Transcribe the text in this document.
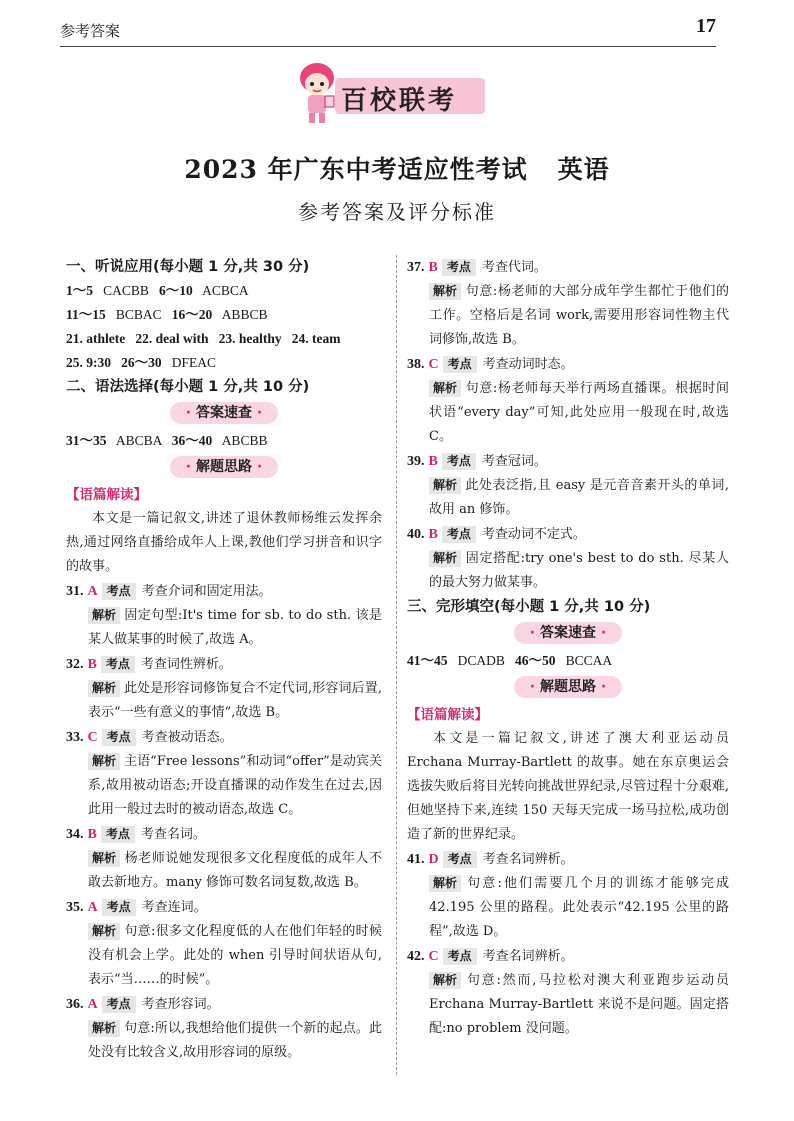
参考答案	17
百校联考
2023 年广东中考适应性考试 英语
参考答案及评分标准
一、听说应用(每小题 1 分,共 30 分)
1～5 CACBB 6～10 ACBCA
11～15 BCBAC 16～20 ABBCB
21. athlete 22. deal with 23. healthy 24. team
25. 9:30 26～30 DFEAC
二、语法选择(每小题 1 分,共 10 分)
· 答案速查 ·
31～35 ABCBA 36～40 ABCBB
· 解题思路 ·
【语篇解读】
本文是一篇记叙文,讲述了退休教师杨维云发挥余热,通过网络直播给成年人上课,教他们学习拼音和识字的故事。
31. A 考点 考查介词和固定用法。
解析 固定句型:It's time for sb. to do sth. 该是某人做某事的时候了,故选 A。
32. B 考点 考查词性辨析。
解析 此处是形容词修饰复合不定代词,形容词后置,表示“一些有意义的事情”,故选 B。
33. C 考点 考查被动语态。
解析 主语“Free lessons”和动词“offer”是动宾关系,故用被动语态;开设直播课的动作发生在过去,因此用一般过去时的被动语态,故选 C。
34. B 考点 考查名词。
解析 杨老师说她发现很多文化程度低的成年人不敢去新地方。many 修饰可数名词复数,故选 B。
35. A 考点 考查连词。
解析 句意:很多文化程度低的人在他们年轻的时候没有机会上学。此处的 when 引导时间状语从句,表示“当……的时候”。
36. A 考点 考查形容词。
解析 句意:所以,我想给他们提供一个新的起点。此处没有比较含义,故用形容词的原级。
37. B 考点 考查代词。
解析 句意:杨老师的大部分成年学生都忙于他们的工作。空格后是名词 work,需要用形容词性物主代词修饰,故选 B。
38. C 考点 考查动词时态。
解析 句意:杨老师每天举行两场直播课。根据时间状语“every day”可知,此处应用一般现在时,故选 C。
39. B 考点 考查冠词。
解析 此处表泛指,且 easy 是元音音素开头的单词,故用 an 修饰。
40. B 考点 考查动词不定式。
解析 固定搭配:try one's best to do sth. 尽某人的最大努力做某事。
三、完形填空(每小题 1 分,共 10 分)
· 答案速查 ·
41～45 DCADB 46～50 BCCAA
· 解题思路 ·
【语篇解读】
本文是一篇记叙文,讲述了澳大利亚运动员 Erchana Murray-Bartlett 的故事。她在东京奥运会选拔失败后将目光转向挑战世界纪录,尽管过程十分艰难,但她坚持下来,连续 150 天每天完成一场马拉松,成功创造了新的世界纪录。
41. D 考点 考查名词辨析。
解析 句意:他们需要几个月的训练才能够完成 42.195 公里的路程。此处表示“42.195 公里的路程”,故选 D。
42. C 考点 考查名词辨析。
解析 句意:然而,马拉松对澳大利亚跑步运动员 Erchana Murray-Bartlett 来说不是问题。固定搭配:no problem 没问题。
